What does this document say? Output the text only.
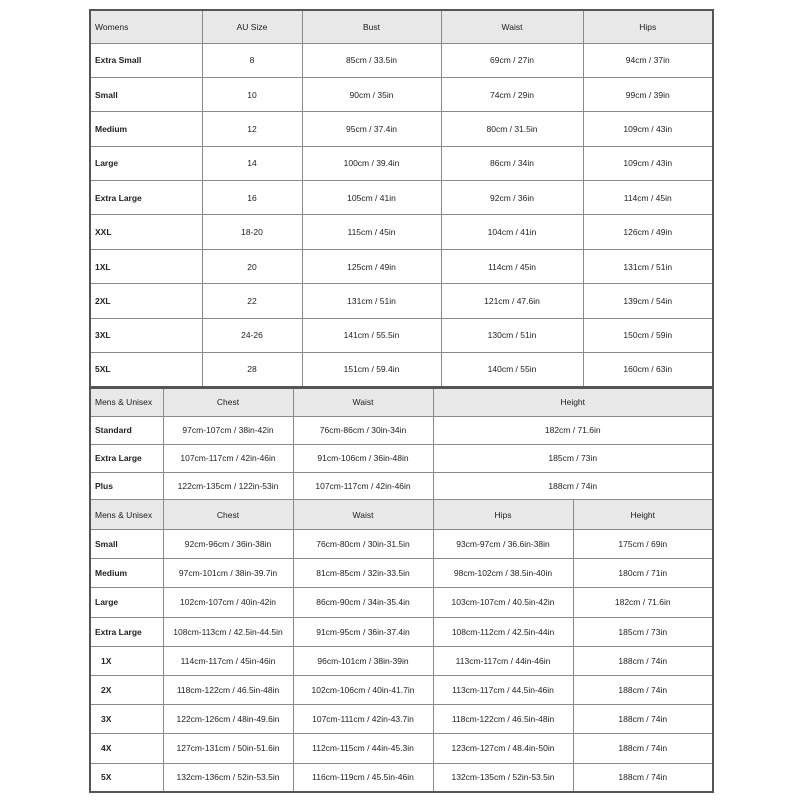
Womens	AU Size	Bust	Waist	Hips
Extra Small	8	85cm / 33.5in	69cm / 27in	94cm / 37in
Small	10	90cm / 35in	74cm / 29in	99cm / 39in
Medium	12	95cm / 37.4in	80cm / 31.5in	109cm / 43in
Large	14	100cm / 39.4in	86cm / 34in	109cm / 43in
Extra Large	16	105cm / 41in	92cm / 36in	114cm / 45in
XXL	18-20	115cm / 45in	104cm / 41in	126cm / 49in
1XL	20	125cm / 49in	114cm / 45in	131cm / 51in
2XL	22	131cm / 51in	121cm / 47.6in	139cm / 54in
3XL	24-26	141cm / 55.5in	130cm / 51in	150cm / 59in
5XL	28	151cm / 59.4in	140cm / 55in	160cm / 63in
Mens & Unisex	Chest	Waist	Height
Standard	97cm-107cm / 38in-42in	76cm-86cm / 30in-34in	182cm / 71.6in
Extra Large	107cm-117cm / 42in-46in	91cm-106cm / 36in-48in	185cm / 73in
Plus	122cm-135cm / 122in-53in	107cm-117cm / 42in-46in	188cm / 74in
Mens & Unisex	Chest	Waist	Hips	Height
Small	92cm-96cm / 36in-38in	76cm-80cm / 30in-31.5in	93cm-97cm / 36.6in-38in	175cm / 69in
Medium	97cm-101cm / 38in-39.7in	81cm-85cm / 32in-33.5in	98cm-102cm / 38.5in-40in	180cm / 71in
Large	102cm-107cm / 40in-42in	86cm-90cm / 34in-35.4in	103cm-107cm / 40.5in-42in	182cm / 71.6in
Extra Large	108cm-113cm / 42.5in-44.5in	91cm-95cm / 36in-37.4in	108cm-112cm / 42.5in-44in	185cm / 73in
1X	114cm-117cm / 45in-46in	96cm-101cm / 38in-39in	113cm-117cm / 44in-46in	188cm / 74in
2X	118cm-122cm / 46.5in-48in	102cm-106cm / 40in-41.7in	113cm-117cm / 44.5in-46in	188cm / 74in
3X	122cm-126cm / 48in-49.6in	107cm-111cm / 42in-43.7in	118cm-122cm / 46.5in-48in	188cm / 74in
4X	127cm-131cm / 50in-51.6in	112cm-115cm / 44in-45.3in	123cm-127cm / 48.4in-50in	188cm / 74in
5X	132cm-136cm / 52in-53.5in	116cm-119cm / 45.5in-46in	132cm-135cm / 52in-53.5in	188cm / 74in
